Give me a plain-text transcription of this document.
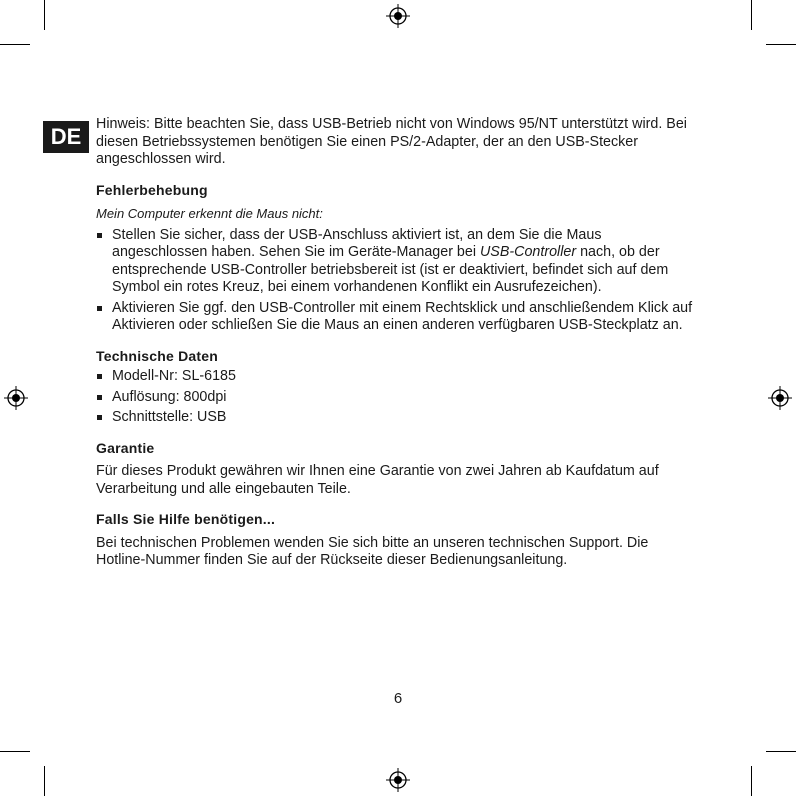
DE	Hinweis: Bitte beachten Sie, dass USB-Betrieb nicht von Windows 95/NT unterstützt wird. Bei diesen Betriebssystemen benötigen Sie einen PS/2-Adapter, der an den USB-Stecker angeschlossen wird.

Fehlerbehebung

Mein Computer erkennt die Maus nicht:

Stellen Sie sicher, dass der USB-Anschluss aktiviert ist, an dem Sie die Maus angeschlossen haben. Sehen Sie im Geräte-Manager bei USB-Controller nach, ob der entsprechende USB-Controller betriebsbereit ist (ist er deaktiviert, befindet sich auf dem Symbol ein rotes Kreuz, bei einem vorhandenen Konflikt ein Ausrufezeichen).
Aktivieren Sie ggf. den USB-Controller mit einem Rechtsklick und anschließendem Klick auf Aktivieren oder schließen Sie die Maus an einen anderen verfügbaren USB-Steckplatz an.

Technische Daten

Modell-Nr: SL-6185
Auflösung: 800dpi
Schnittstelle: USB

Garantie

Für dieses Produkt gewähren wir Ihnen eine Garantie von zwei Jahren ab Kaufdatum auf Verarbeitung und alle eingebauten Teile.

Falls Sie Hilfe benötigen...

Bei technischen Problemen wenden Sie sich bitte an unseren technischen Support. Die Hotline-Nummer finden Sie auf der Rückseite dieser Bedienungsanleitung.

6
